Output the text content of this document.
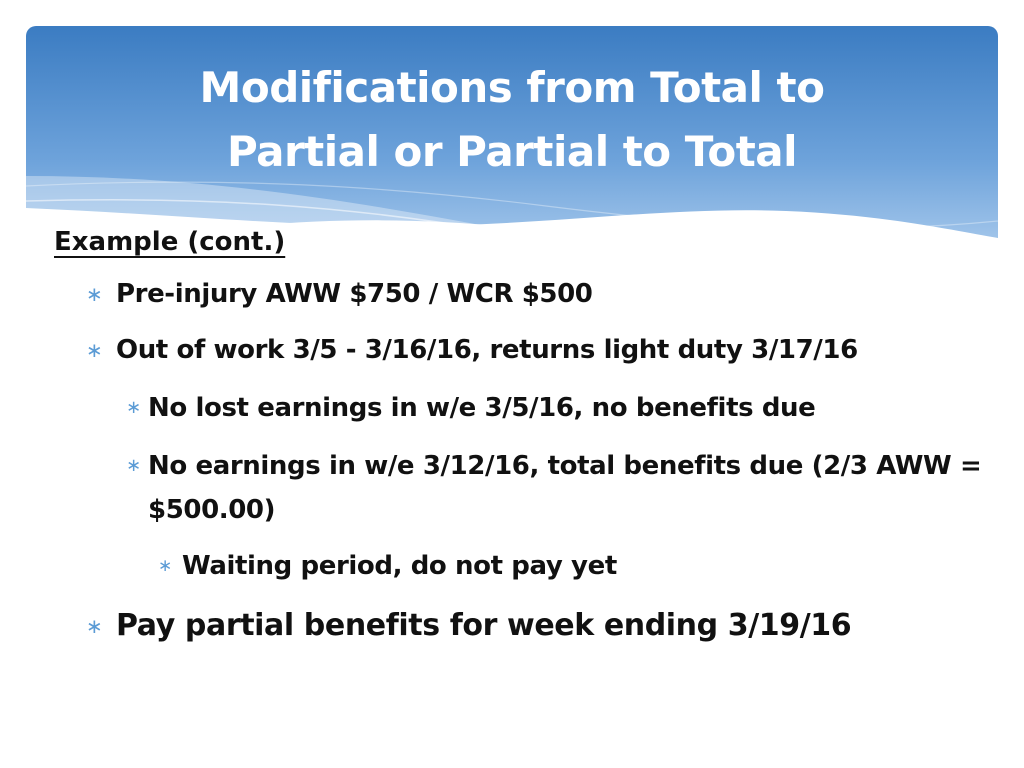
Modifications from Total to
Partial or Partial to Total
Example (cont.)
∗ Pre-injury AWW $750 / WCR $500
∗ Out of work 3/5 - 3/16/16, returns light duty 3/17/16
∗ No lost earnings in w/e 3/5/16, no benefits due
∗ No earnings in w/e 3/12/16, total benefits due (2/3 AWW = $500.00)
∗ Waiting period, do not pay yet
∗ Pay partial benefits for week ending 3/19/16
